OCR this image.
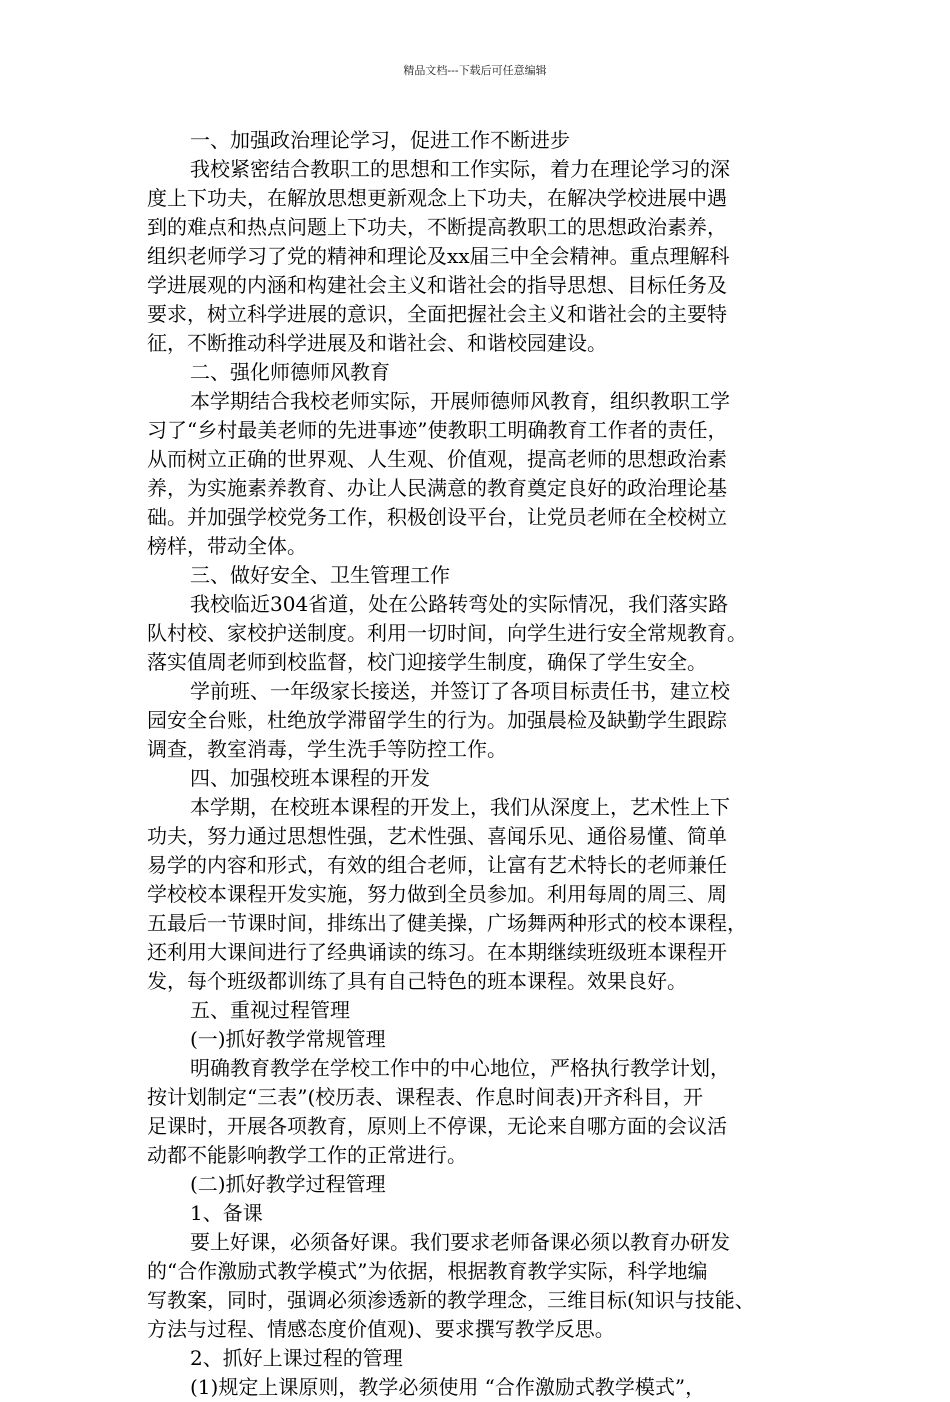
精品文档---下载后可任意编辑
一、加强政治理论学习，促进工作不断进步
我校紧密结合教职工的思想和工作实际，着力在理论学习的深
度上下功夫，在解放思想更新观念上下功夫，在解决学校进展中遇
到的难点和热点问题上下功夫，不断提高教职工的思想政治素养，
组织老师学习了党的精神和理论及xx届三中全会精神。重点理解科
学进展观的内涵和构建社会主义和谐社会的指导思想、目标任务及
要求，树立科学进展的意识，全面把握社会主义和谐社会的主要特
征，不断推动科学进展及和谐社会、和谐校园建设。
二、强化师德师风教育
本学期结合我校老师实际，开展师德师风教育，组织教职工学
习了“乡村最美老师的先进事迹”使教职工明确教育工作者的责任，
从而树立正确的世界观、人生观、价值观，提高老师的思想政治素
养，为实施素养教育、办让人民满意的教育奠定良好的政治理论基
础。并加强学校党务工作，积极创设平台，让党员老师在全校树立
榜样，带动全体。
三、做好安全、卫生管理工作
我校临近304省道，处在公路转弯处的实际情况，我们落实路
队村校、家校护送制度。利用一切时间，向学生进行安全常规教育。
落实值周老师到校监督，校门迎接学生制度，确保了学生安全。
学前班、一年级家长接送，并签订了各项目标责任书，建立校
园安全台账，杜绝放学滞留学生的行为。加强晨检及缺勤学生跟踪
调查，教室消毒，学生洗手等防控工作。
四、加强校班本课程的开发
本学期，在校班本课程的开发上，我们从深度上，艺术性上下
功夫，努力通过思想性强，艺术性强、喜闻乐见、通俗易懂、简单
易学的内容和形式，有效的组合老师，让富有艺术特长的老师兼任
学校校本课程开发实施，努力做到全员参加。利用每周的周三、周
五最后一节课时间，排练出了健美操，广场舞两种形式的校本课程，
还利用大课间进行了经典诵读的练习。在本期继续班级班本课程开
发，每个班级都训练了具有自己特色的班本课程。效果良好。
五、重视过程管理
(一)抓好教学常规管理
明确教育教学在学校工作中的中心地位，严格执行教学计划，
按计划制定“三表”(校历表、课程表、作息时间表)开齐科目，开
足课时，开展各项教育，原则上不停课，无论来自哪方面的会议活
动都不能影响教学工作的正常进行。
(二)抓好教学过程管理
1、备课
要上好课，必须备好课。我们要求老师备课必须以教育办研发
的“合作激励式教学模式”为依据，根据教育教学实际，科学地编
写教案，同时，强调必须渗透新的教学理念，三维目标(知识与技能、
方法与过程、情感态度价值观)、要求撰写教学反思。
2、抓好上课过程的管理
(1)规定上课原则，教学必须使用 “合作激励式教学模式”，
